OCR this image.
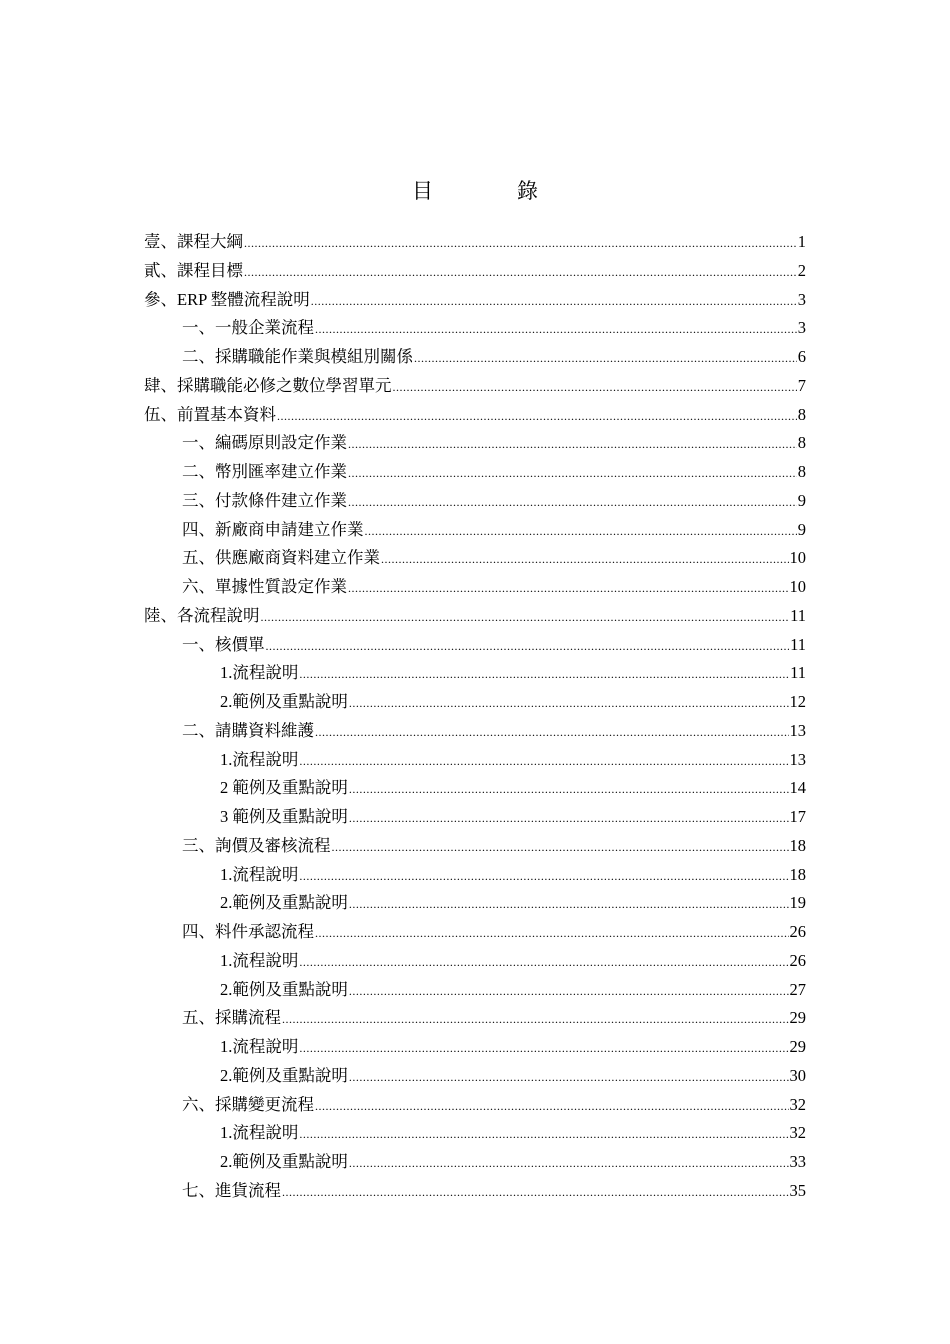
目	錄
壹、課程大綱 .....	1
貳、課程目標 .....	2
參、ERP 整體流程說明 .....	3
一、一般企業流程 .....	3
二、採購職能作業與模組別關係 .....	6
肆、採購職能必修之數位學習單元 .....	7
伍、前置基本資料 .....	8
一、編碼原則設定作業 .....	8
二、幣別匯率建立作業 .....	8
三、付款條件建立作業 .....	9
四、新廠商申請建立作業 .....	9
五、供應廠商資料建立作業 .....	10
六、單據性質設定作業 .....	10
陸、各流程說明 .....	11
一、核價單 .....	11
1.流程說明 .....	11
2.範例及重點說明 .....	12
二、請購資料維護 .....	13
1.流程說明 .....	13
2 範例及重點說明 .....	14
3 範例及重點說明 .....	17
三、詢價及審核流程 .....	18
1.流程說明 .....	18
2.範例及重點說明 .....	19
四、料件承認流程 .....	26
1.流程說明 .....	26
2.範例及重點說明 .....	27
五、採購流程 .....	29
1.流程說明 .....	29
2.範例及重點說明 .....	30
六、採購變更流程 .....	32
1.流程說明 .....	32
2.範例及重點說明 .....	33
七、進貨流程 .....	35
